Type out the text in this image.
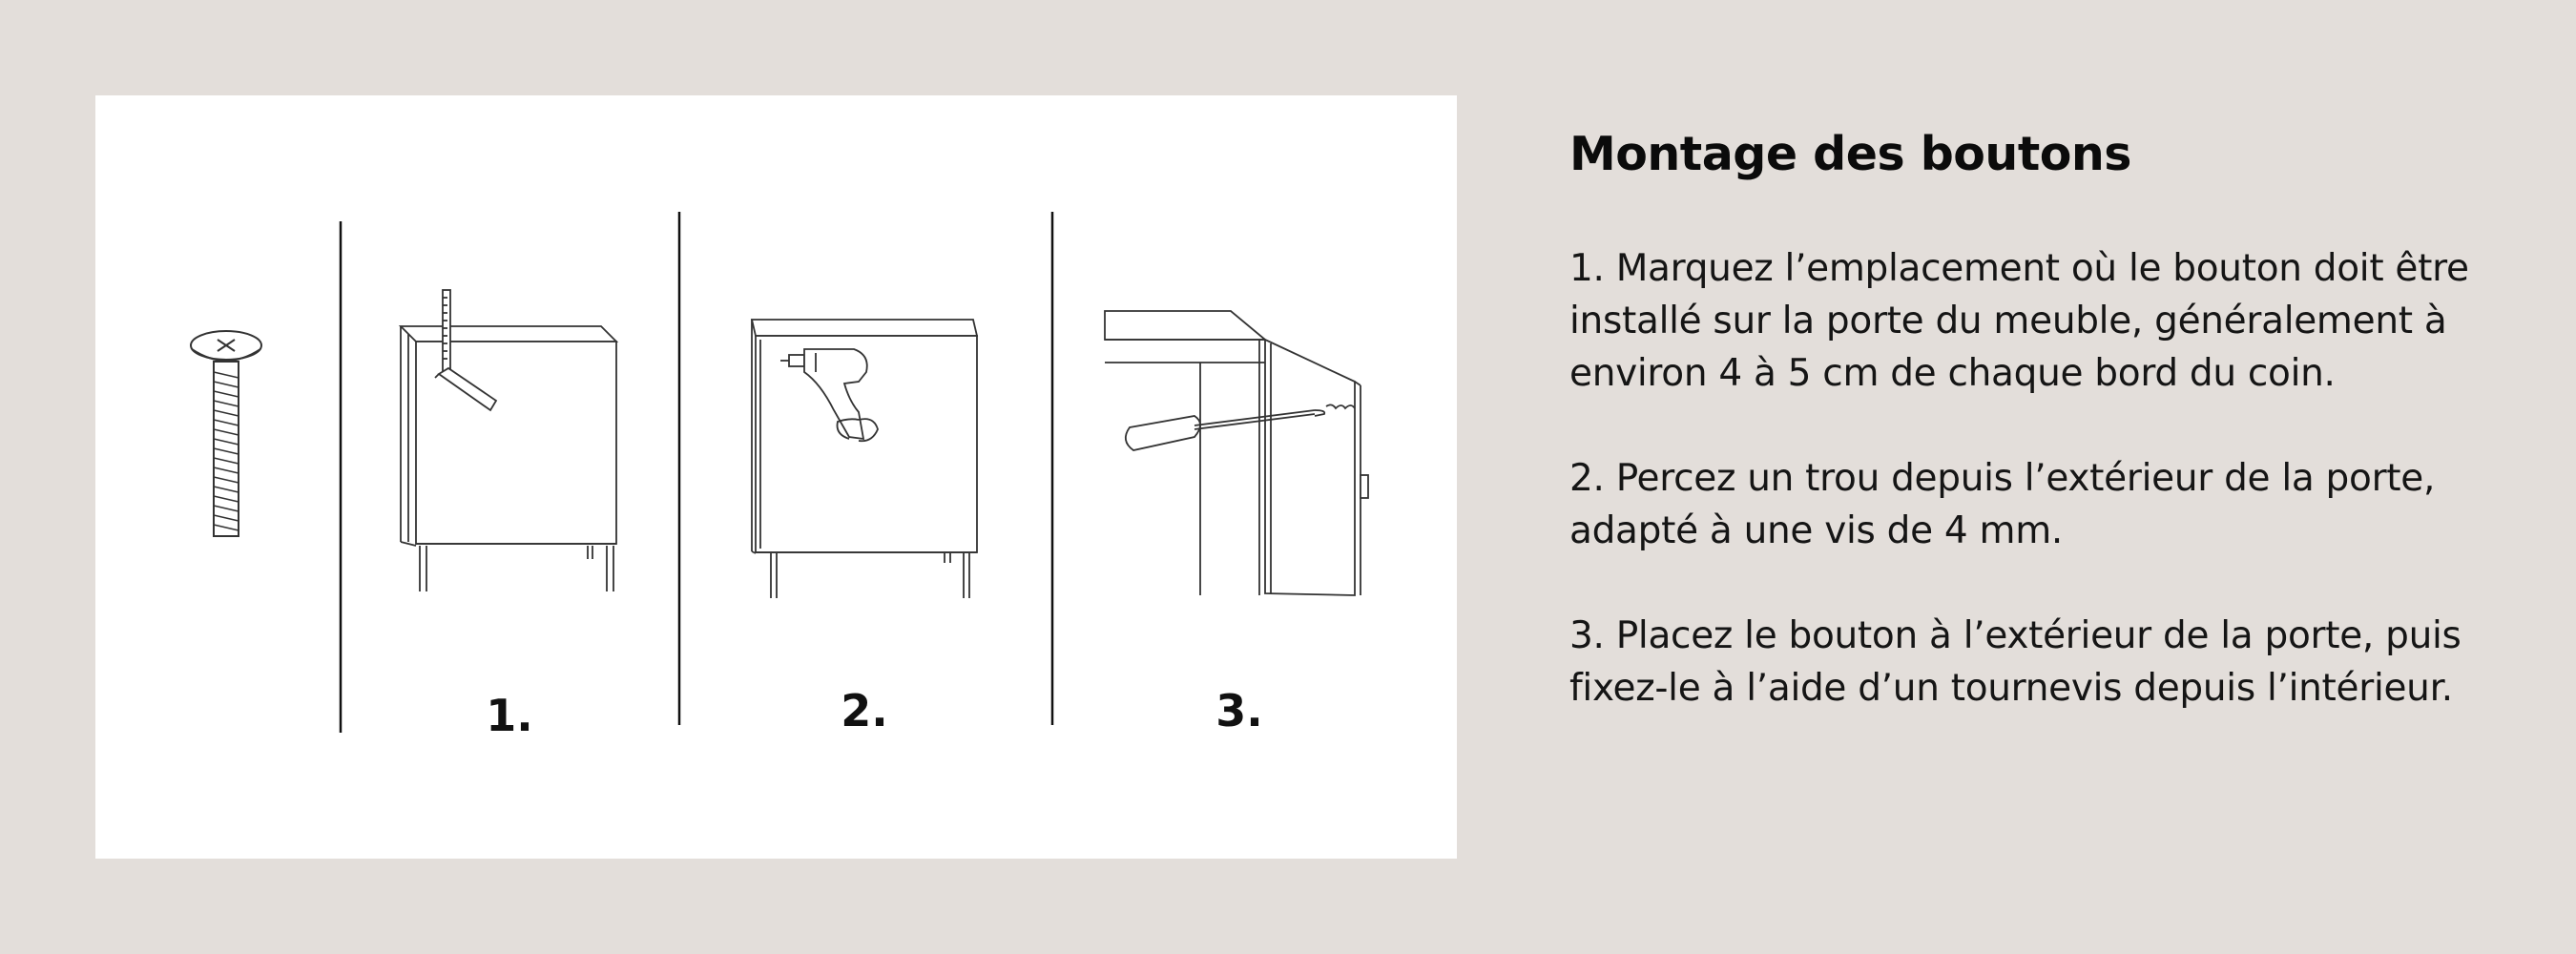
1.	2.	3.
Montage des boutons

1. Marquez l’emplacement où le bouton doit être installé sur la porte du meuble, généralement à environ 4 à 5 cm de chaque bord du coin.

2. Percez un trou depuis l’extérieur de la porte, adapté à une vis de 4 mm.

3. Placez le bouton à l’extérieur de la porte, puis fixez-le à l’aide d’un tournevis depuis l’intérieur.
